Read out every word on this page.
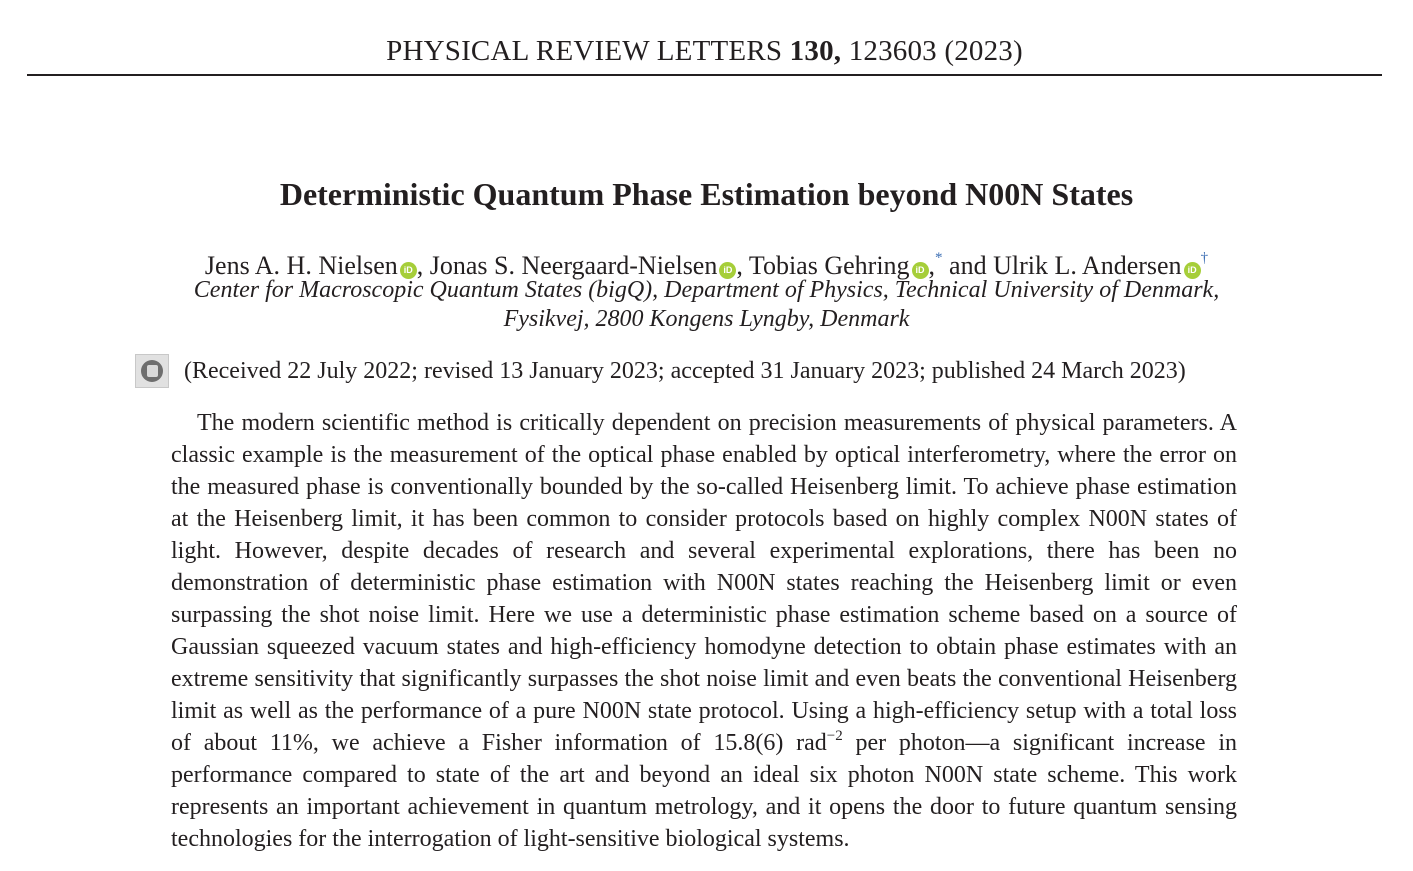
PHYSICAL REVIEW LETTERS 130, 123603 (2023)
Deterministic Quantum Phase Estimation beyond N00N States
Jens A. H. Nielsen iD , Jonas S. Neergaard-Nielsen iD , Tobias Gehring iD ,* and Ulrik L. Andersen iD†
Center for Macroscopic Quantum States (bigQ), Department of Physics, Technical University of Denmark,
Fysikvej, 2800 Kongens Lyngby, Denmark
(Received 22 July 2022; revised 13 January 2023; accepted 31 January 2023; published 24 March 2023)

The modern scientific method is critically dependent on precision measurements of physical parameters. A classic example is the measurement of the optical phase enabled by optical interferometry, where the error on the measured phase is conventionally bounded by the so-called Heisenberg limit. To achieve phase estimation at the Heisenberg limit, it has been common to consider protocols based on highly complex N00N states of light. However, despite decades of research and several experimental explorations, there has been no demonstration of deterministic phase estimation with N00N states reaching the Heisenberg limit or even surpassing the shot noise limit. Here we use a deterministic phase estimation scheme based on a source of Gaussian squeezed vacuum states and high-efficiency homodyne detection to obtain phase estimates with an extreme sensitivity that significantly surpasses the shot noise limit and even beats the conventional Heisenberg limit as well as the performance of a pure N00N state protocol. Using a high-efficiency setup with a total loss of about 11%, we achieve a Fisher information of 15.8(6) rad$^{-2}$ per photon—a significant increase in performance compared to state of the art and beyond an ideal six photon N00N state scheme. This work represents an important achievement in quantum metrology, and it opens the door to future quantum sensing technologies for the interrogation of light-sensitive biological systems.
